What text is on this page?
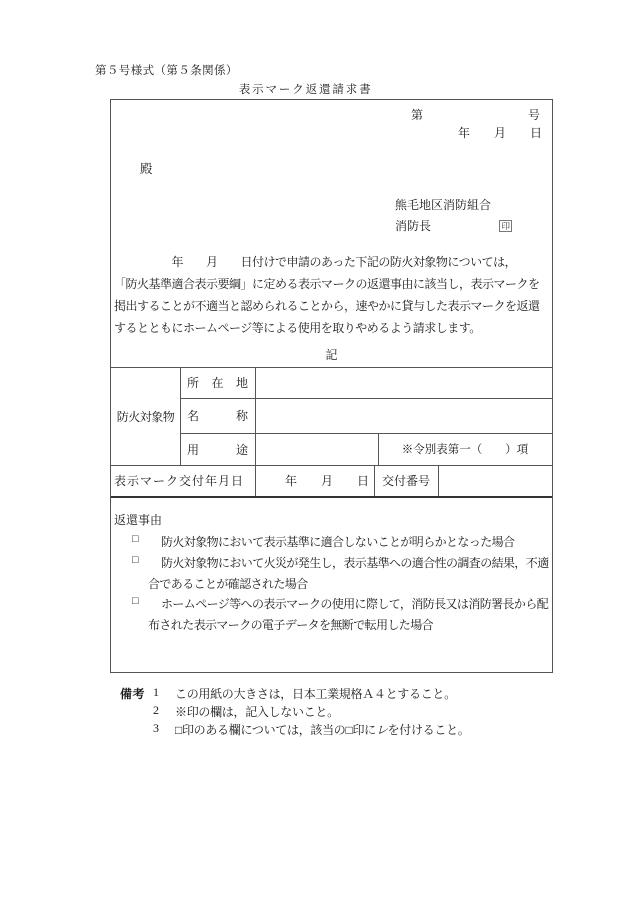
第５号様式（第５条関係）
表 示 マ ー ク 返 還 請 求 書
第	号
年　　月　　日
殿
熊毛地区消防組合
消防長	印
　　　　　年　　月　　日付けで申請のあった下記の防火対象物については，
「防火基準適合表示要綱」に定める表示マークの返還事由に該当し，表示マークを
掲出することが不適当と認められることから，速やかに貸与した表示マークを返還
するとともにホームページ等による使用を取りやめるよう請求します。
記
防火対象物
所 在 地
名 称
用 途	※令別表第一（　　）項
表示マーク交付年月日	年　　月　　日	交付番号
返還事由
□ 防火対象物において表示基準に適合しないことが明らかとなった場合
□ 防火対象物において火災が発生し，表示基準への適合性の調査の結果，不適
合であることが確認された場合
□ ホームページ等への表示マークの使用に際して，消防長又は消防署長から配
布された表示マークの電子データを無断で転用した場合
備考 1 この用紙の大きさは，日本工業規格Ａ４とすること。
2 ※印の欄は，記入しないこと。
3 □印のある欄については，該当の□印にレを付けること。
